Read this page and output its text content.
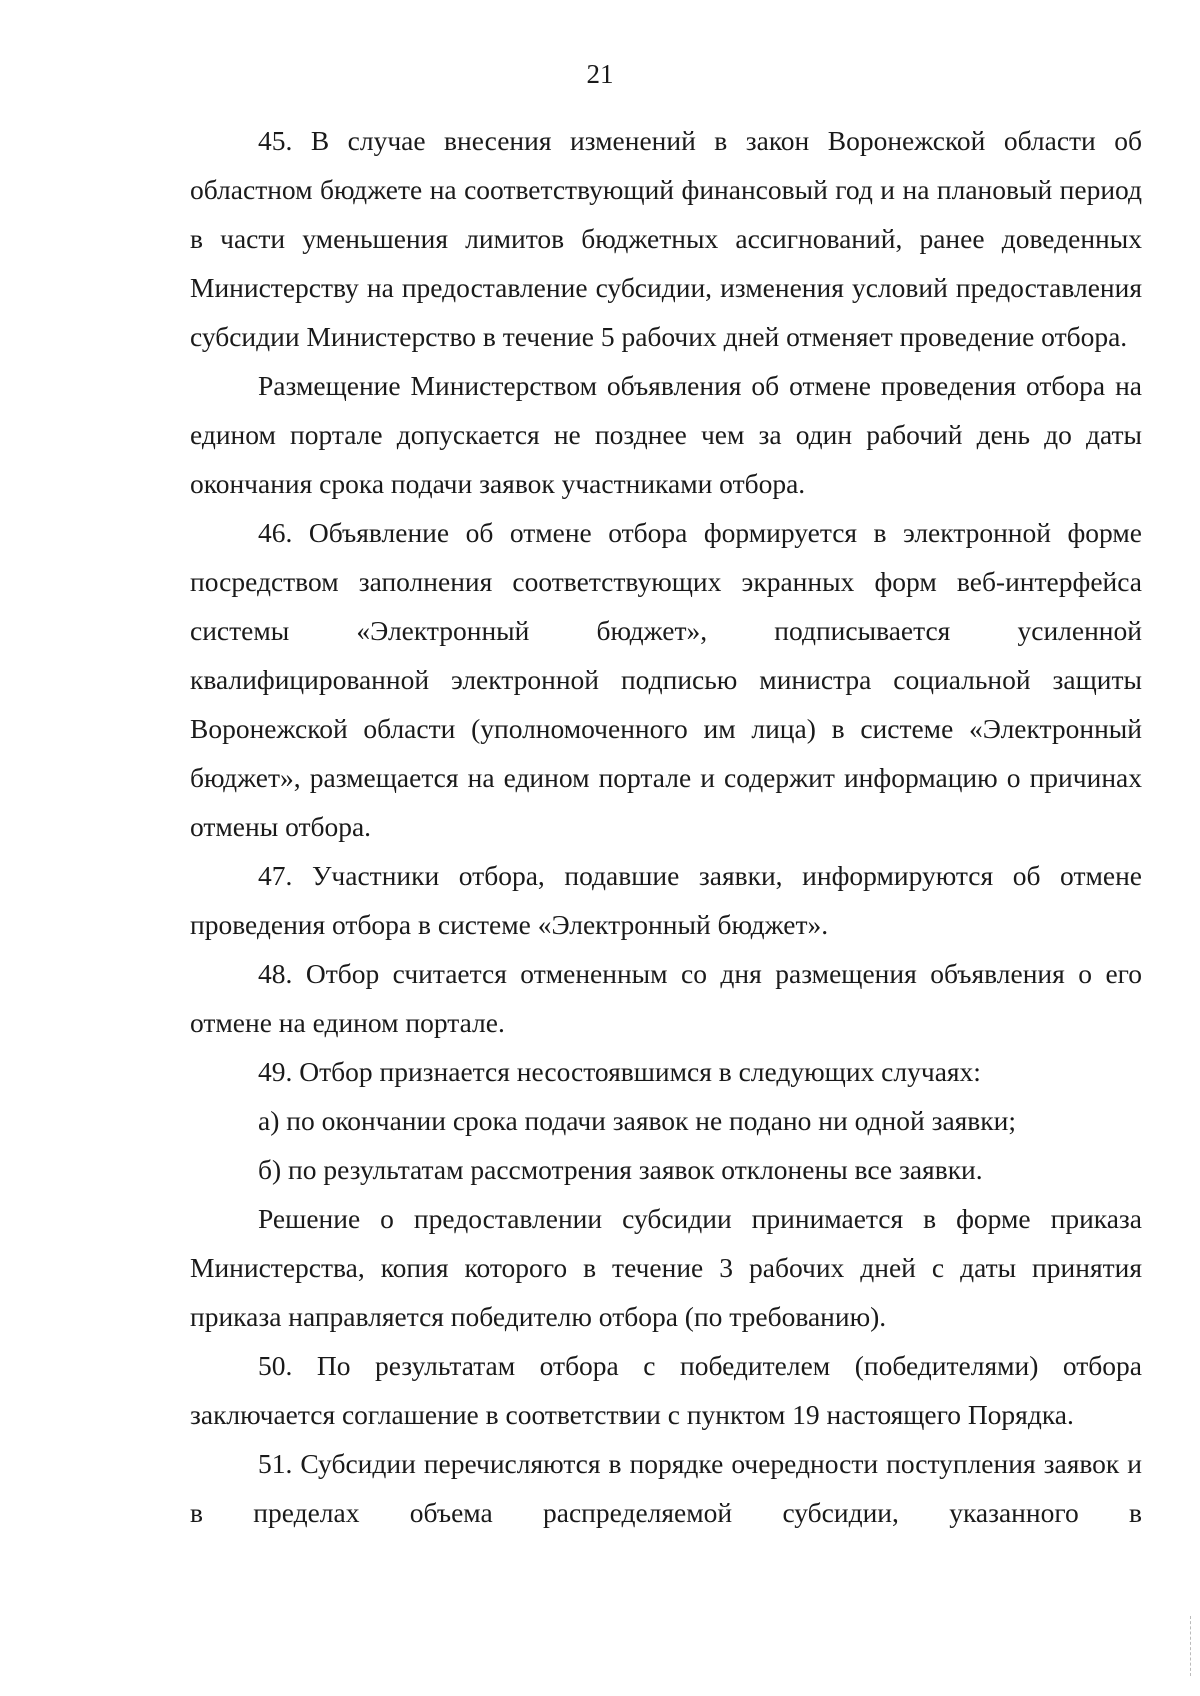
21

45. В случае внесения изменений в закон Воронежской области об областном бюджете на соответствующий финансовый год и на плановый период в части уменьшения лимитов бюджетных ассигнований, ранее доведенных Министерству на предоставление субсидии, изменения условий предоставления субсидии Министерство в течение 5 рабочих дней отменяет проведение отбора.

Размещение Министерством объявления об отмене проведения отбора на едином портале допускается не позднее чем за один рабочий день до даты окончания срока подачи заявок участниками отбора.

46. Объявление об отмене отбора формируется в электронной форме посредством заполнения соответствующих экранных форм веб-интерфейса системы «Электронный бюджет», подписывается усиленной квалифицированной электронной подписью министра социальной защиты Воронежской области (уполномоченного им лица) в системе «Электронный бюджет», размещается на едином портале и содержит информацию о причинах отмены отбора.

47. Участники отбора, подавшие заявки, информируются об отмене проведения отбора в системе «Электронный бюджет».

48. Отбор считается отмененным со дня размещения объявления о его отмене на едином портале.

49. Отбор признается несостоявшимся в следующих случаях:

а) по окончании срока подачи заявок не подано ни одной заявки;

б) по результатам рассмотрения заявок отклонены все заявки.

Решение о предоставлении субсидии принимается в форме приказа Министерства, копия которого в течение 3 рабочих дней с даты принятия приказа направляется победителю отбора (по требованию).

50. По результатам отбора с победителем (победителями) отбора заключается соглашение в соответствии с пунктом 19 настоящего Порядка.

51. Субсидии перечисляются в порядке очередности поступления заявок и в пределах объема распределяемой субсидии, указанного в
